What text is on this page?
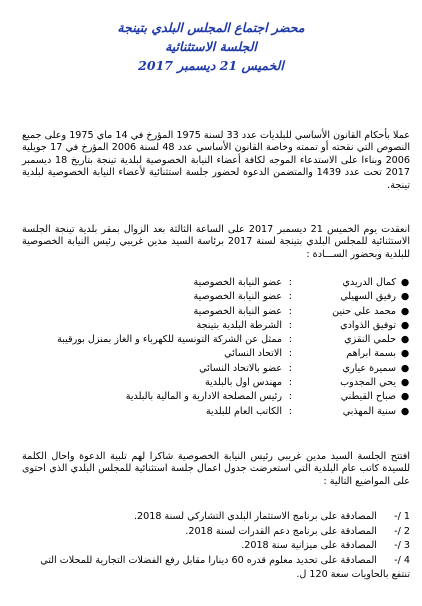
محضر اجتماع المجلس البلدي بتينجة
الجلسة الاستثنائية
الخميس 21 ديسمبر 2017

عملا بأحكام القانون الأساسي للبلديات عدد 33 لسنة 1975 المؤرخ في 14 ماي 1975 وعلى جميع النصوص التي نقحته أو تممته وخاصة القانون الأساسي عدد 48 لسنة 2006 المؤرخ في 17 جويلية 2006 وبناءا على الاستدعاء الموجه لكافة أعضاء النيابة الخصوصية لبلدية تينجة بتاريخ 18 ديسمبر 2017 تحت عدد 1439 والمتضمن الدعوة لحضور جلسة استثنائية لأعضاء النيابة الخصوصية لبلدية تينجة.

انعقدت يوم الخميس 21 ديسمبر 2017 على الساعة الثالثة بعد الزوال بمقر بلدية تينجة الجلسة الاستثنائية للمجلس البلدي بتينجة لسنة 2017 برئاسة السيد مدين غريبي رئيس النيابة الخصوصية للبلدية وبحضور الســـادة :

●
كمال الدريدي
:
عضو النيابة الخصوصية
●
رفيق السهيلي
:
عضو النيابة الخصوصية
●
محمد علي حنين
:
عضو النيابة الخصوصية
●
توفيق الذوادي
:
الشرطة البلدية بتينجة
●
حلمي النقزي
:
ممثل عن الشركة التونسية للكهرباء و الغاز بمنزل بورقيبة
●
بسمة ابراهم
:
الاتحاد النسائي
●
سميرة عياري
:
عضو بالاتحاد النسائي
●
يحي المجدوب
:
مهندس اول بالبلدية
●
صباح القيطني
:
رئيس المصلحة الادارية و المالية بالبلدية
●
سنية المهذبي
:
الكاتب العام للبلدية

افتتح الجلسة السيد مدين غريبي رئيس النيابة الخصوصية شاكرا لهم تلبية الدعوة واحال الكلمة للسيدة كاتب عام البلدية التي استعرضت جدول اعمال جلسة استثنائية للمجلس البلدي الذي احتوى على المواضيع التالية :

1 /- المصادقة على برنامج الاستثمار البلدي التشاركي لسنة 2018.
2 /- المصادقة على برنامج دعم القدرات لسنة 2018.
3 /- المصادقة على ميزانية سنة 2018.
4 /- المصادقة على تحديد معلوم قدره 60 دينارا مقابل رفع الفضلات التجارية للمحلات التي تنتفع بالحاويات سعة 120 ل.
